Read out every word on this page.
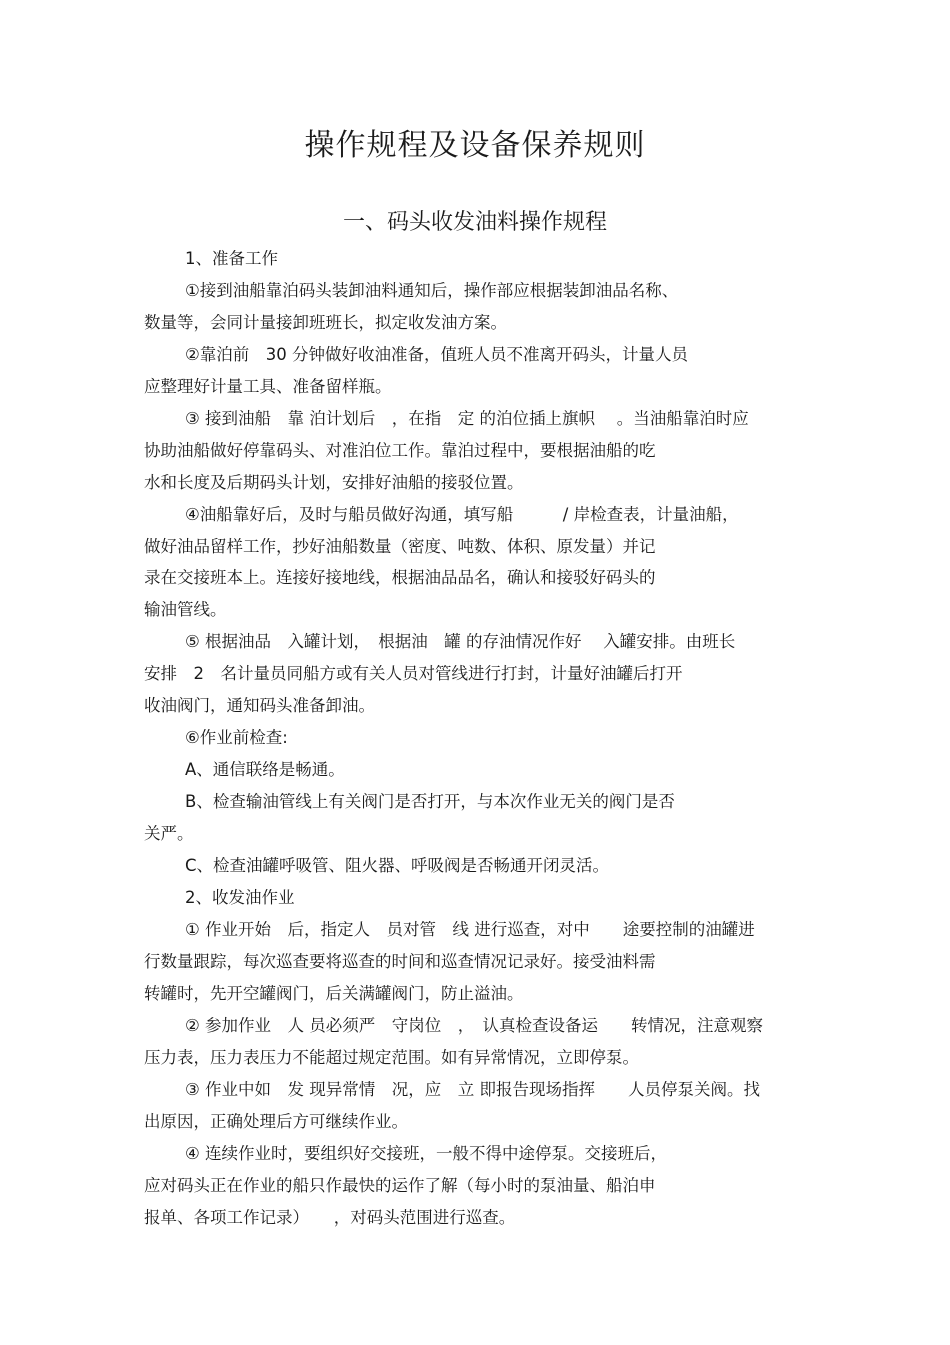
操作规程及设备保养规则
一、码头收发油料操作规程
1、准备工作
①接到油船靠泊码头装卸油料通知后，操作部应根据装卸油品名称、
数量等，会同计量接卸班班长，拟定收发油方案。
②靠泊前　30 分钟做好收油准备，值班人员不准离开码头，计量人员
应整理好计量工具、准备留样瓶。
③ 接到油船　靠 泊计划后　，在指　定 的泊位插上旗帜　 。当油船靠泊时应
协助油船做好停靠码头、对准泊位工作。靠泊过程中，要根据油船的吃
水和长度及后期码头计划，安排好油船的接驳位置。
④油船靠好后，及时与船员做好沟通，填写船　　　/ 岸检查表，计量油船，
做好油品留样工作，抄好油船数量（密度、吨数、体积、原发量）并记
录在交接班本上。连接好接地线，根据油品品名，确认和接驳好码头的
输油管线。
⑤ 根据油品　入罐计划，　根据油　罐 的存油情况作好　 入罐安排。由班长
安排　2　名计量员同船方或有关人员对管线进行打封，计量好油罐后打开
收油阀门，通知码头准备卸油。
⑥作业前检查:
A、通信联络是畅通。
B、检查输油管线上有关阀门是否打开，与本次作业无关的阀门是否
关严。
C、检查油罐呼吸管、阻火器、呼吸阀是否畅通开闭灵活。
2、收发油作业
① 作业开始　后，指定人　员对管　线 进行巡查，对中　　途要控制的油罐进
行数量跟踪，每次巡查要将巡查的时间和巡查情况记录好。接受油料需
转罐时，先开空罐阀门，后关满罐阀门，防止溢油。
② 参加作业　人 员必须严　守岗位　，　认真检查设备运　　转情况，注意观察
压力表，压力表压力不能超过规定范围。如有异常情况，立即停泵。
③ 作业中如　发 现异常情　况，应　立 即报告现场指挥　　人员停泵关阀。找
出原因，正确处理后方可继续作业。
④ 连续作业时，要组织好交接班，一般不得中途停泵。交接班后，
应对码头正在作业的船只作最快的运作了解（每小时的泵油量、船泊申
报单、各项工作记录）　　，对码头范围进行巡查。
